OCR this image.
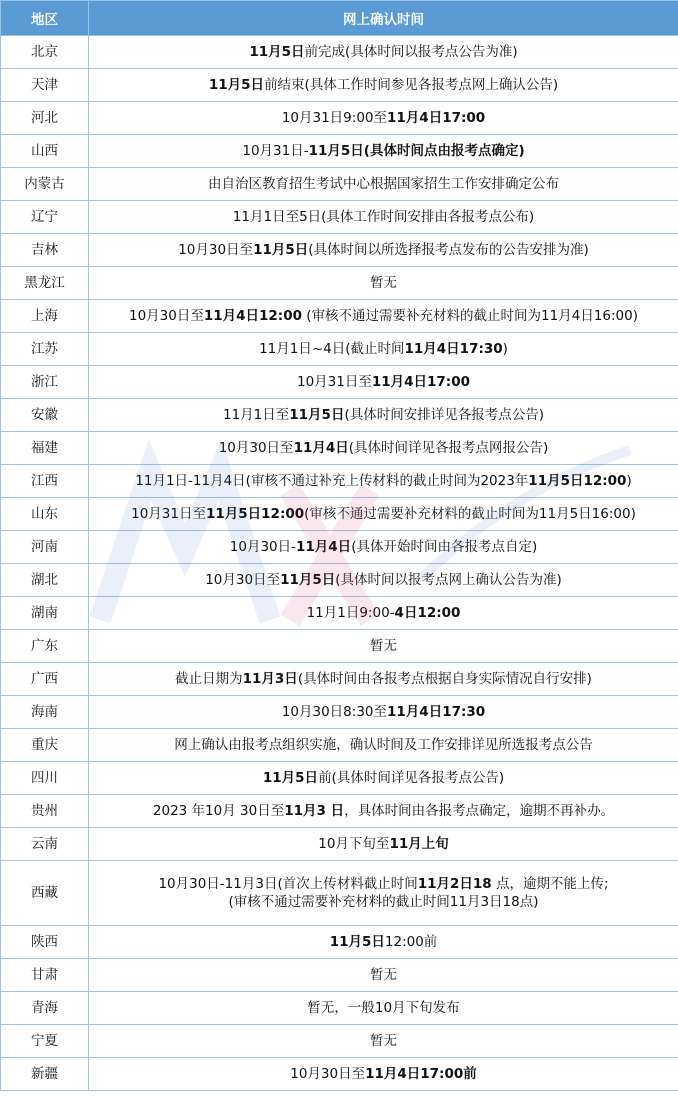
地区	网上确认时间
北京	11月5日前完成(具体时间以报考点公告为准)
天津	11月5日前结束(具体工作时间参见各报考点网上确认公告)
河北	10月31日9:00至11月4日17:00
山西	10月31日-11月5日(具体时间点由报考点确定)
内蒙古	由自治区教育招生考试中心根据国家招生工作安排确定公布
辽宁	11月1日至5日(具体工作时间安排由各报考点公布)
吉林	10月30日至11月5日(具体时间以所选择报考点发布的公告安排为准)
黑龙江	暂无
上海	10月30日至11月4日12:00 (审核不通过需要补充材料的截止时间为11月4日16:00)
江苏	11月1日~4日(截止时间11月4日17:30)
浙江	10月31日至11月4日17:00
安徽	11月1日至11月5日(具体时间安排详见各报考点公告)
福建	10月30日至11月4日(具体时间详见各报考点网报公告)
江西	11月1日-11月4日(审核不通过补充上传材料的截止时间为2023年11月5日12:00)
山东	10月31日至11月5日12:00(审核不通过需要补充材料的截止时间为11月5日16:00)
河南	10月30日-11月4日(具体开始时间由各报考点自定)
湖北	10月30日至11月5日(具体时间以报考点网上确认公告为准)
湖南	11月1日9:00-4日12:00
广东	暂无
广西	截止日期为11月3日(具体时间由各报考点根据自身实际情况自行安排)
海南	10月30日8:30至11月4日17:30
重庆	网上确认由报考点组织实施，确认时间及工作安排详见所选报考点公告
四川	11月5日前(具体时间详见各报考点公告)
贵州	2023 年10月 30日至11月3 日，具体时间由各报考点确定，逾期不再补办。
云南	10月下旬至11月上旬
西藏	10月30日-11月3日(首次上传材料截止时间11月2日18 点，逾期不能上传;
(审核不通过需要补充材料的截止时间11月3日18点)

陕西	11月5日12:00前
甘肃	暂无
青海	暂无，一般10月下旬发布
宁夏	暂无
新疆	10月30日至11月4日17:00前
